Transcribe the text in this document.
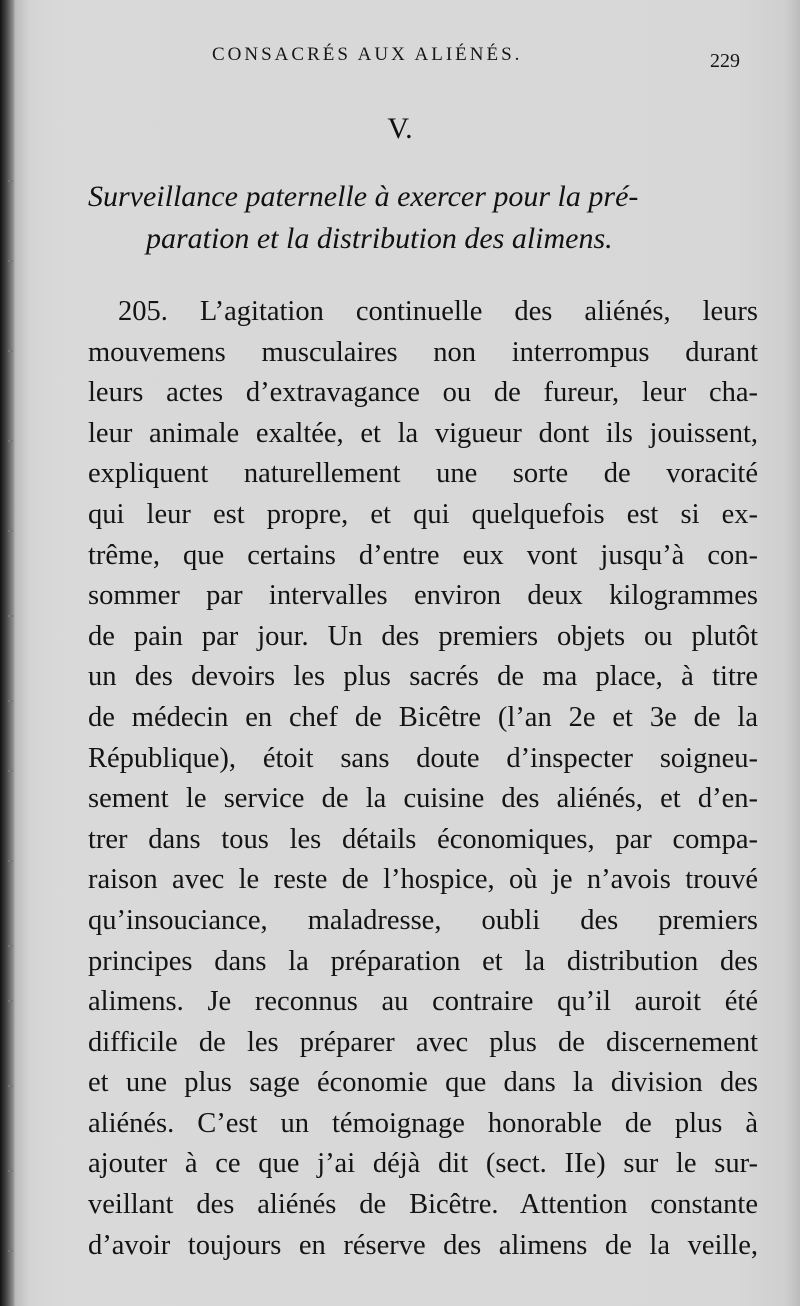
CONSACRÉS AUX ALIÉNÉS.	229
V.
Surveillance paternelle à exercer pour la pré-
paration et la distribution des alimens.
205. L’agitation continuelle des aliénés, leurs
mouvemens musculaires non interrompus durant
leurs actes d’extravagance ou de fureur, leur cha-
leur animale exaltée, et la vigueur dont ils jouissent,
expliquent naturellement une sorte de voracité
qui leur est propre, et qui quelquefois est si ex-
trême, que certains d’entre eux vont jusqu’à con-
sommer par intervalles environ deux kilogrammes
de pain par jour. Un des premiers objets ou plutôt
un des devoirs les plus sacrés de ma place, à titre
de médecin en chef de Bicêtre (l’an 2e et 3e de la
République), étoit sans doute d’inspecter soigneu-
sement le service de la cuisine des aliénés, et d’en-
trer dans tous les détails économiques, par compa-
raison avec le reste de l’hospice, où je n’avois trouvé
qu’insouciance, maladresse, oubli des premiers
principes dans la préparation et la distribution des
alimens. Je reconnus au contraire qu’il auroit été
difficile de les préparer avec plus de discernement
et une plus sage économie que dans la division des
aliénés. C’est un témoignage honorable de plus à
ajouter à ce que j’ai déjà dit (sect. IIe) sur le sur-
veillant des aliénés de Bicêtre. Attention constante
d’avoir toujours en réserve des alimens de la veille,
